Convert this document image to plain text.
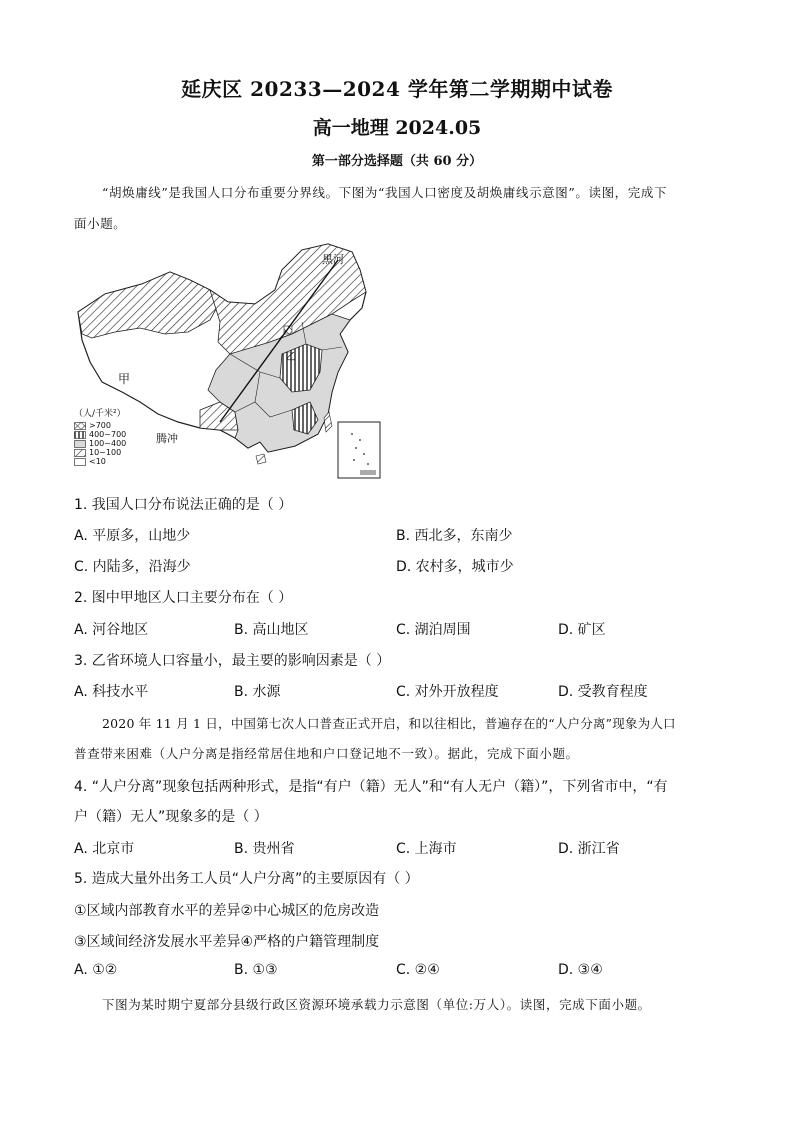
延庆区 20233—2024 学年第二学期期中试卷
高一地理 2024.05
第一部分选择题（共 60 分）
“胡焕庸线”是我国人口分布重要分界线。下图为“我国人口密度及胡焕庸线示意图”。读图，完成下
面小题。
黑河
甲
乙
腾冲
（人/千米²）
>700
400~700
100~400
10~100
<10
1. 我国人口分布说法正确的是（ ）
A. 平原多，山地少	B. 西北多，东南少
C. 内陆多，沿海少	D. 农村多，城市少
2. 图中甲地区人口主要分布在（ ）
A. 河谷地区	B. 高山地区	C. 湖泊周围	D. 矿区
3. 乙省环境人口容量小，最主要的影响因素是（ ）
A. 科技水平	B. 水源	C. 对外开放程度	D. 受教育程度
2020 年 11 月 1 日，中国第七次人口普查正式开启，和以往相比，普遍存在的“人户分离”现象为人口
普查带来困难（人户分离是指经常居住地和户口登记地不一致）。据此，完成下面小题。
4. “人户分离”现象包括两种形式，是指“有户（籍）无人”和“有人无户（籍）”，下列省市中，“有
户（籍）无人”现象多的是（ ）
A. 北京市	B. 贵州省	C. 上海市	D. 浙江省
5. 造成大量外出务工人员“人户分离”的主要原因有（ ）
①区域内部教育水平的差异②中心城区的危房改造
③区域间经济发展水平差异④严格的户籍管理制度
A. ①②	B. ①③	C. ②④	D. ③④
下图为某时期宁夏部分县级行政区资源环境承载力示意图（单位:万人）。读图，完成下面小题。
